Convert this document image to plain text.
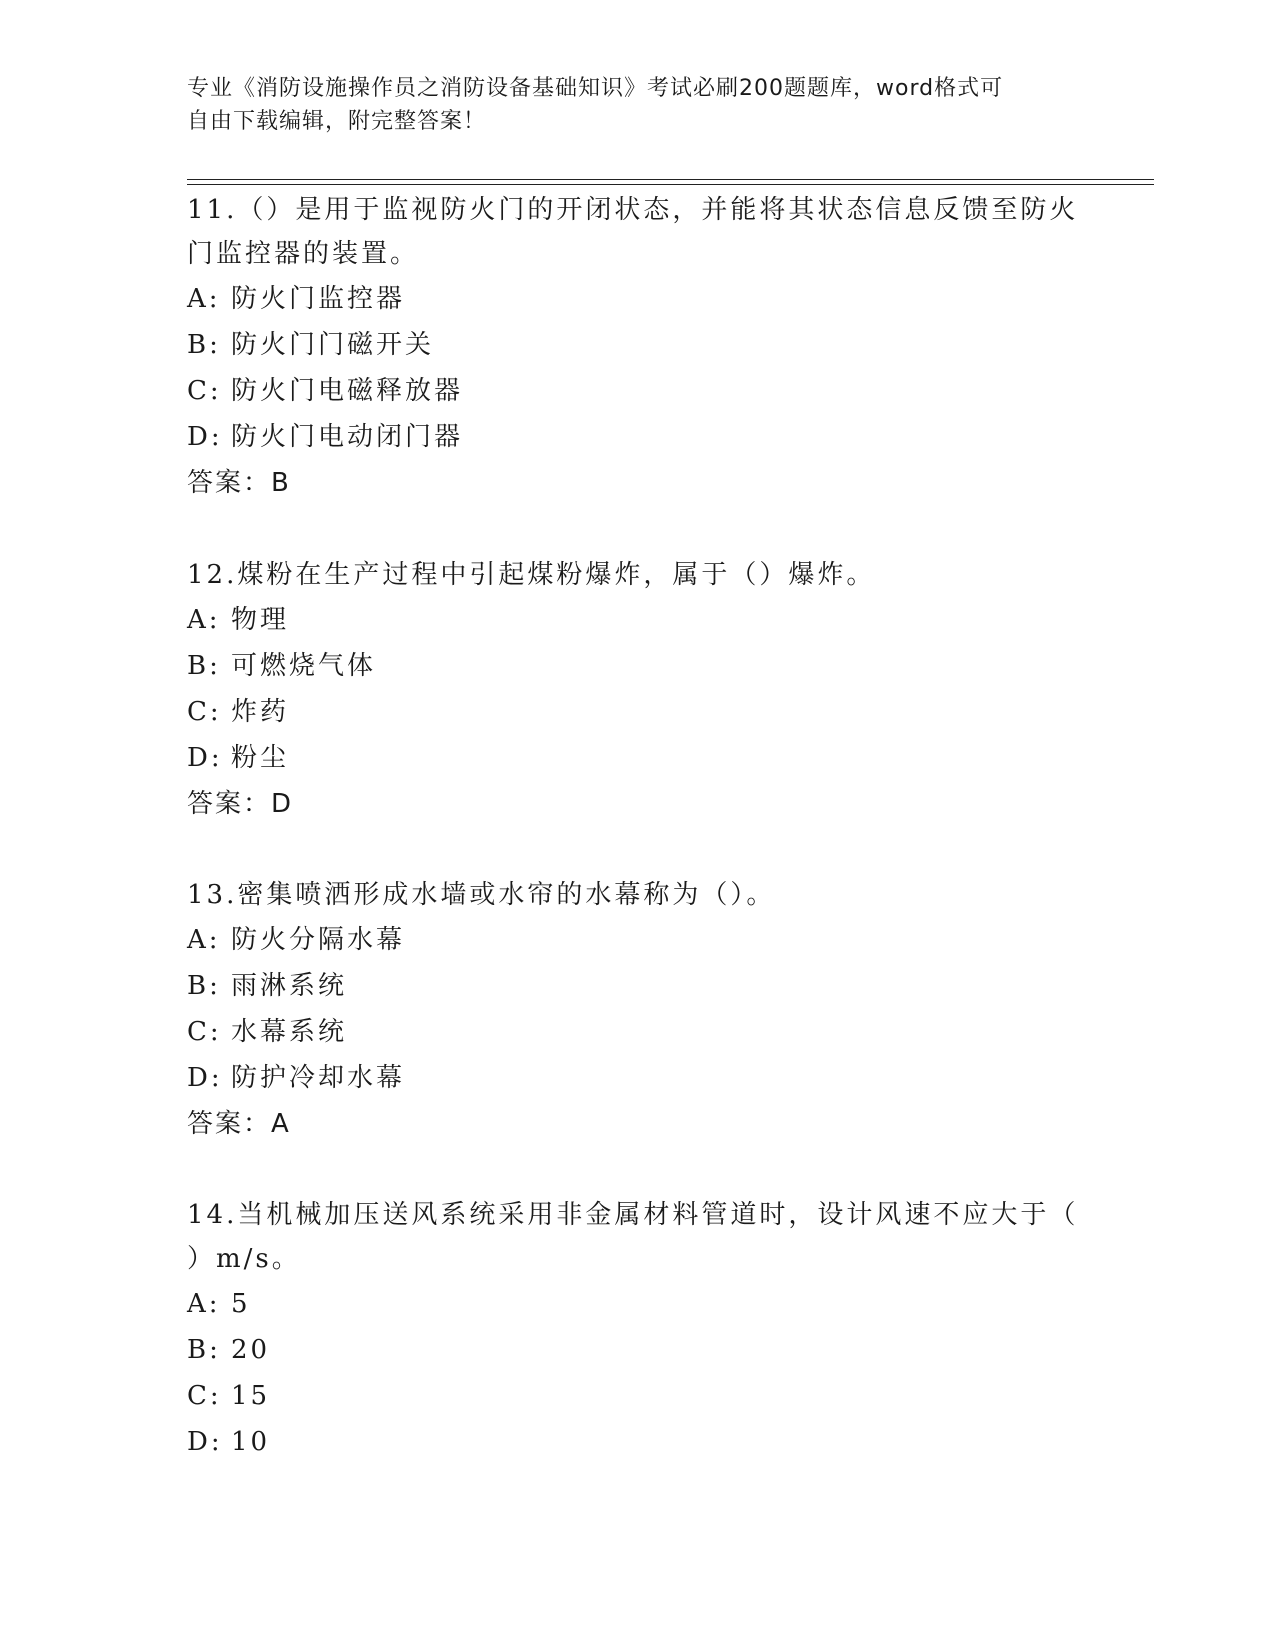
专业《消防设施操作员之消防设备基础知识》考试必刷200题题库，word格式可
自由下载编辑，附完整答案！
11.（）是用于监视防火门的开闭状态，并能将其状态信息反馈至防火
门监控器的装置。
A: 防火门监控器
B: 防火门门磁开关
C: 防火门电磁释放器
D: 防火门电动闭门器
答案：B
12.煤粉在生产过程中引起煤粉爆炸，属于（）爆炸。
A: 物理
B: 可燃烧气体
C: 炸药
D: 粉尘
答案：D
13.密集喷洒形成水墙或水帘的水幕称为（）。
A: 防火分隔水幕
B: 雨淋系统
C: 水幕系统
D: 防护冷却水幕
答案：A
14.当机械加压送风系统采用非金属材料管道时，设计风速不应大于（
）m/s。
A: 5
B: 20
C: 15
D: 10
